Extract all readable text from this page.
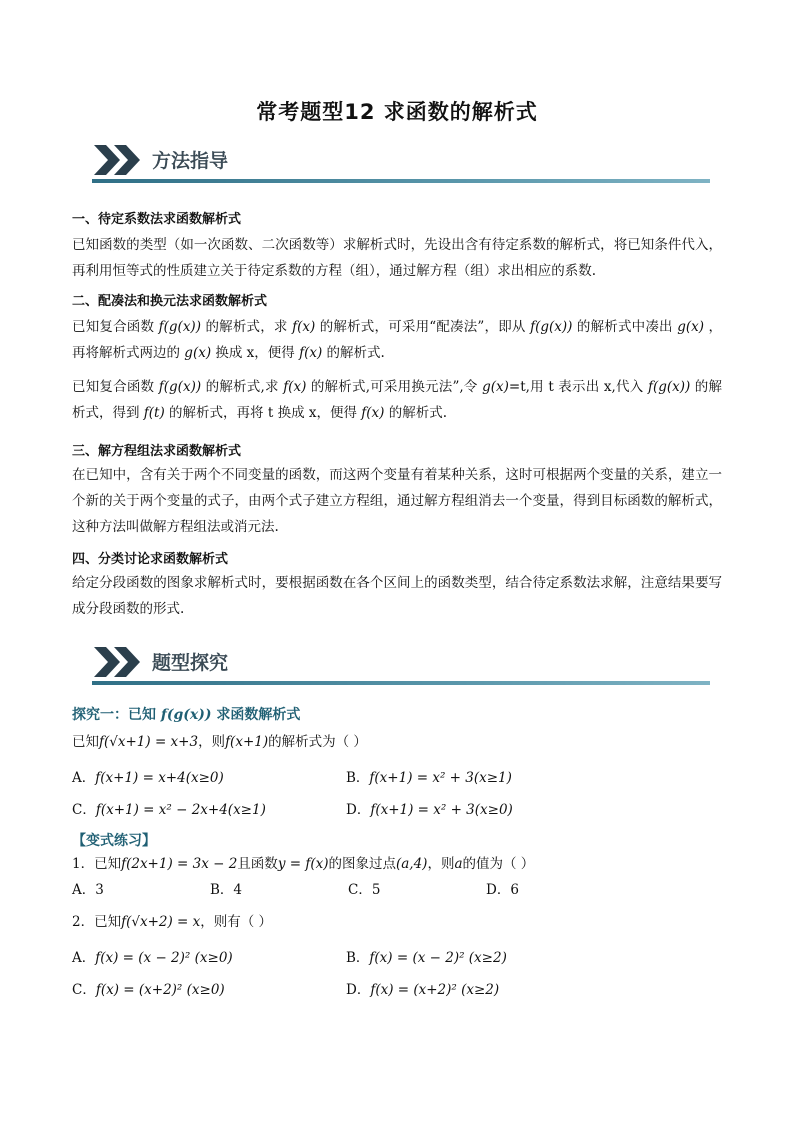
常考题型12 求函数的解析式
方法指导
一、待定系数法求函数解析式
已知函数的类型（如一次函数、二次函数等）求解析式时，先设出含有待定系数的解析式，将已知条件代入，再利用恒等式的性质建立关于待定系数的方程（组），通过解方程（组）求出相应的系数.
二、配凑法和换元法求函数解析式
已知复合函数 f(g(x)) 的解析式，求 f(x) 的解析式，可采用“配凑法”，即从 f(g(x)) 的解析式中凑出 g(x) ，再将解析式两边的 g(x) 换成 x，便得 f(x) 的解析式.
已知复合函数 f(g(x)) 的解析式,求 f(x) 的解析式,可采用换元法”,令 g(x)=t,用 t 表示出 x,代入 f(g(x)) 的解析式，得到 f(t) 的解析式，再将 t 换成 x，便得 f(x) 的解析式.
三、解方程组法求函数解析式
在已知中，含有关于两个不同变量的函数，而这两个变量有着某种关系，这时可根据两个变量的关系，建立一个新的关于两个变量的式子，由两个式子建立方程组，通过解方程组消去一个变量，得到目标函数的解析式，这种方法叫做解方程组法或消元法.
四、分类讨论求函数解析式
给定分段函数的图象求解析式时，要根据函数在各个区间上的函数类型，结合待定系数法求解，注意结果要写成分段函数的形式.
题型探究
探究一：已知 f(g(x)) 求函数解析式
已知f(√x+1) = x+3，则f(x+1)的解析式为（ ）
A．f(x+1) = x+4(x≥0)	B．f(x+1) = x² + 3(x≥1)
C．f(x+1) = x² − 2x+4(x≥1)	D．f(x+1) = x² + 3(x≥0)
【变式练习】
1．已知f(2x+1) = 3x − 2且函数y = f(x)的图象过点(a,4)，则a的值为（ ）
A．3	B．4	C．5	D．6
2．已知f(√x+2) = x，则有（ ）
A．f(x) = (x − 2)² (x≥0)	B．f(x) = (x − 2)² (x≥2)
C．f(x) = (x+2)² (x≥0)	D．f(x) = (x+2)² (x≥2)
